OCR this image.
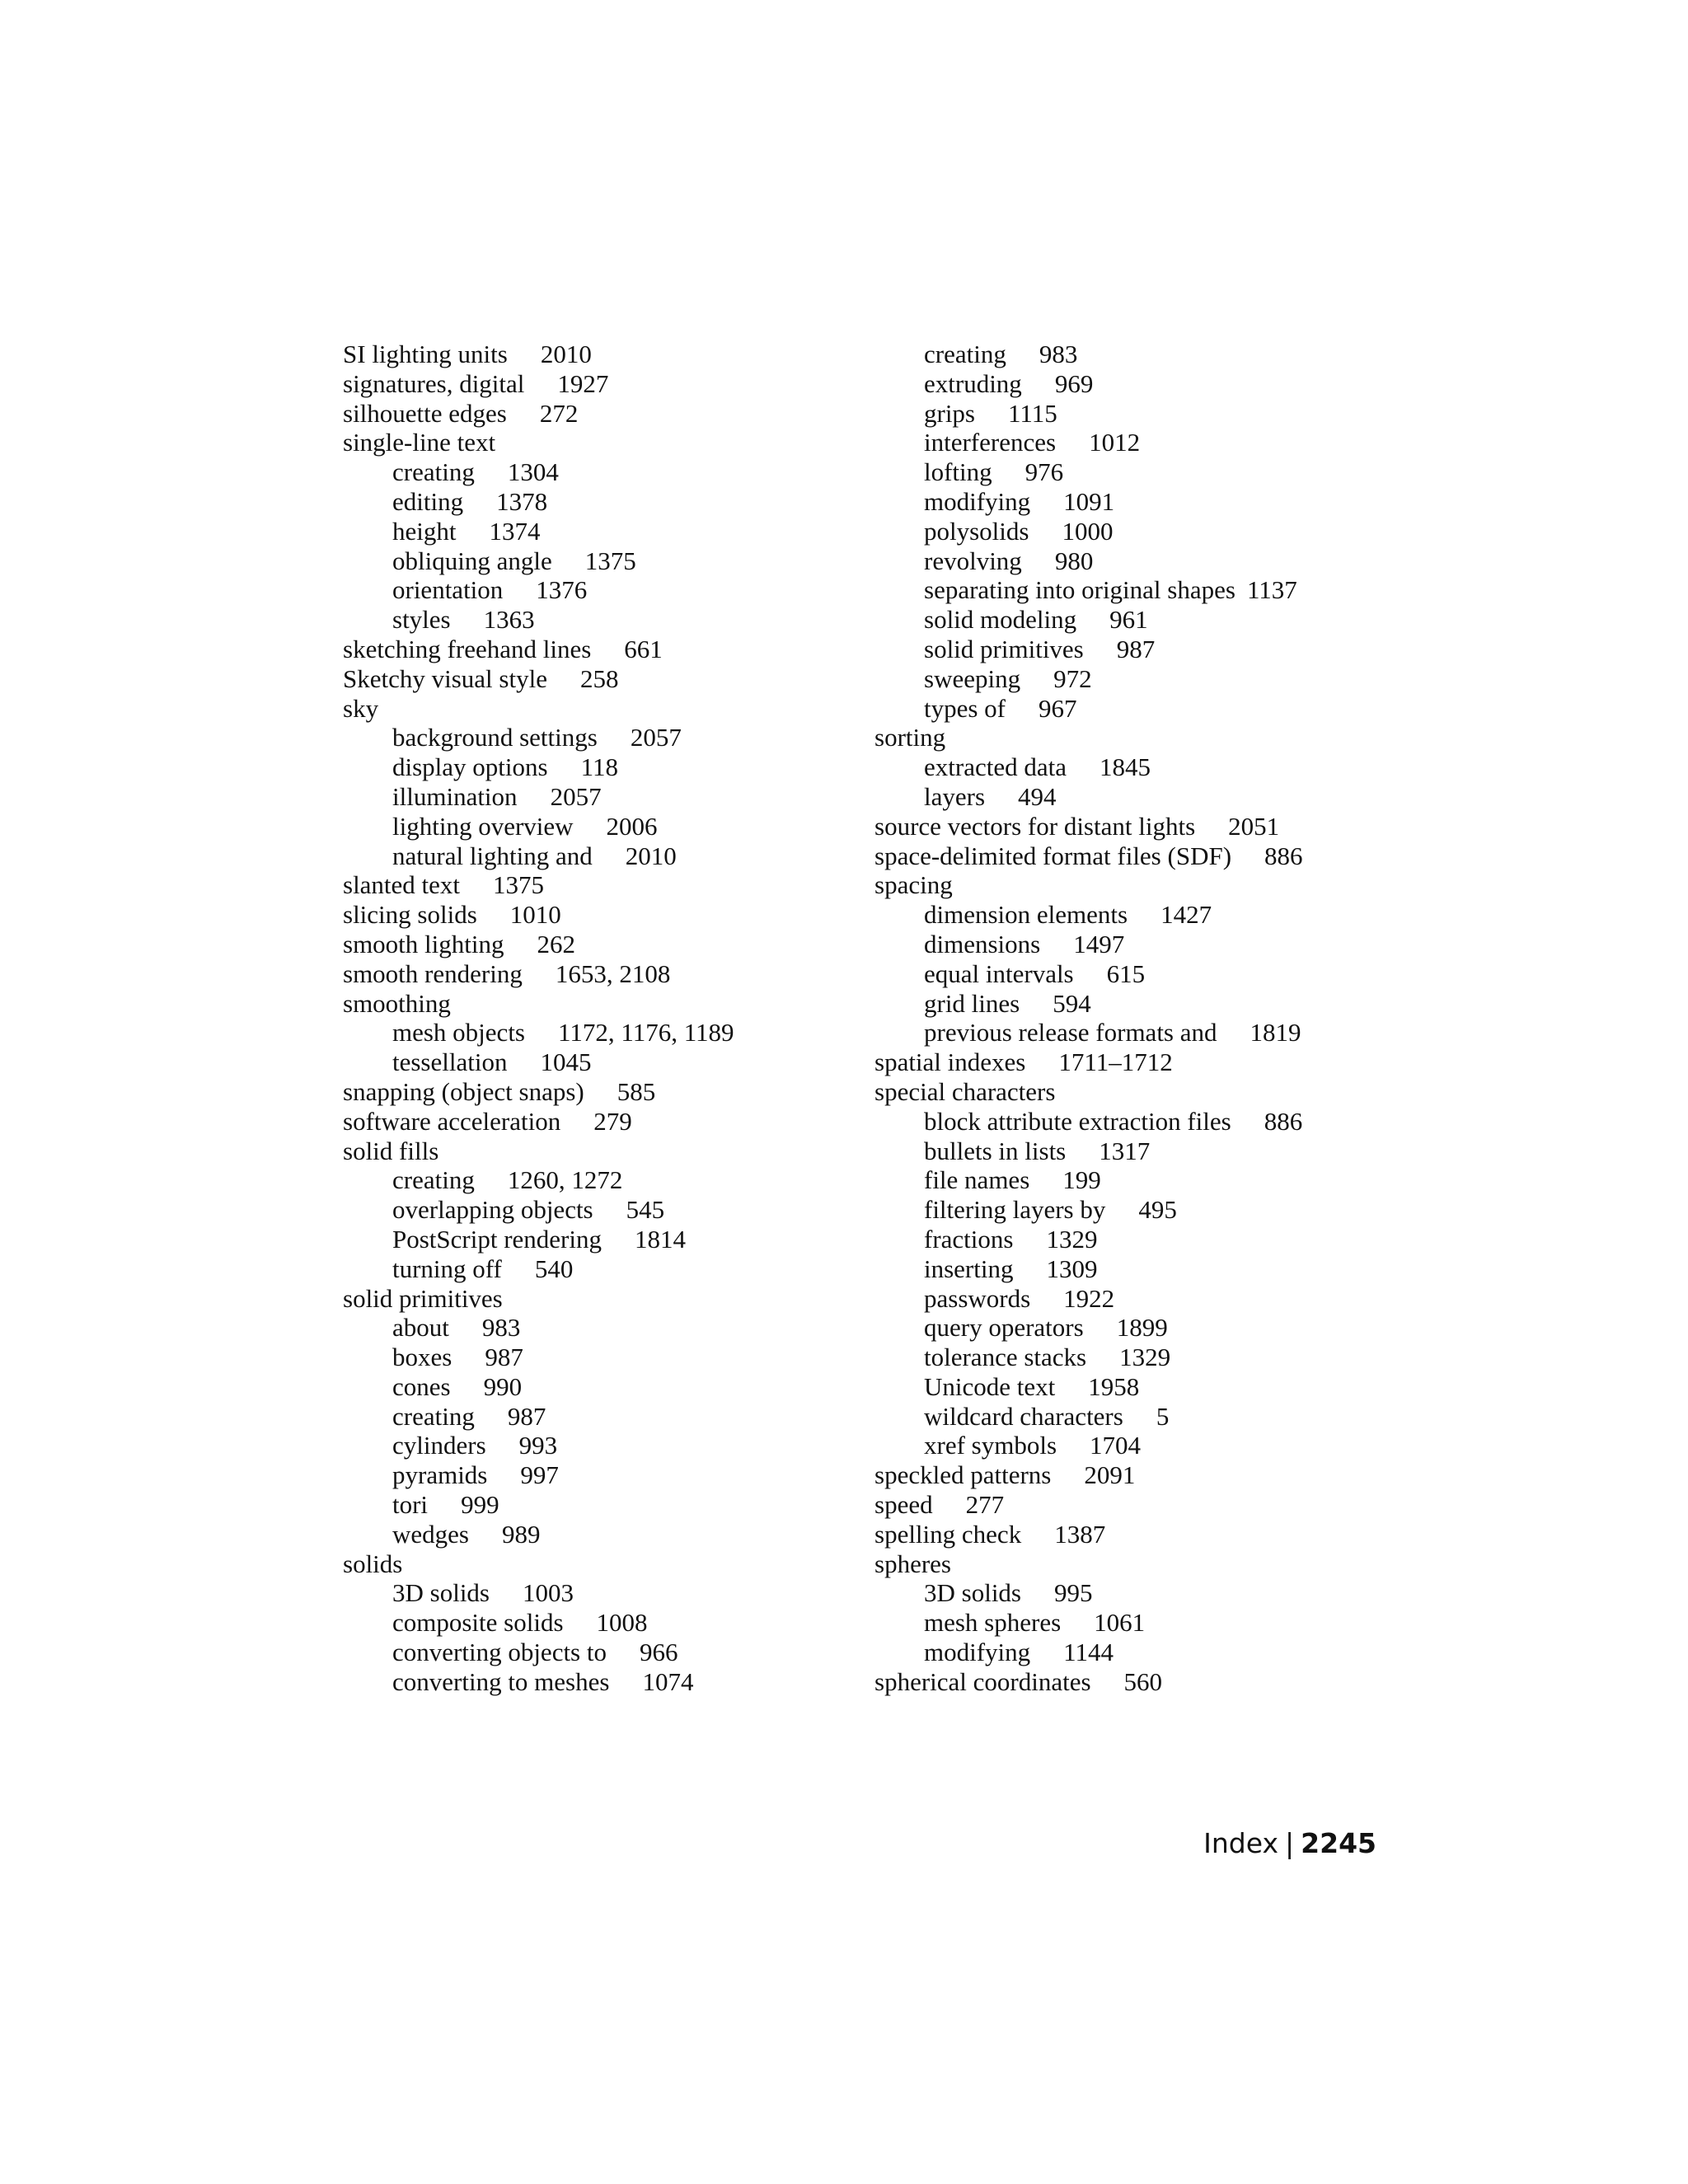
SI lighting units 2010
signatures, digital 1927
silhouette edges 272
single-line text
creating 1304
editing 1378
height 1374
obliquing angle 1375
orientation 1376
styles 1363
sketching freehand lines 661
Sketchy visual style 258
sky
background settings 2057
display options 118
illumination 2057
lighting overview 2006
natural lighting and 2010
slanted text 1375
slicing solids 1010
smooth lighting 262
smooth rendering 1653, 2108
smoothing
mesh objects 1172, 1176, 1189
tessellation 1045
snapping (object snaps) 585
software acceleration 279
solid fills
creating 1260, 1272
overlapping objects 545
PostScript rendering 1814
turning off 540
solid primitives
about 983
boxes 987
cones 990
creating 987
cylinders 993
pyramids 997
tori 999
wedges 989
solids
3D solids 1003
composite solids 1008
converting objects to 966
converting to meshes 1074
creating 983
extruding 969
grips 1115
interferences 1012
lofting 976
modifying 1091
polysolids 1000
revolving 980
separating into original shapes 1137
solid modeling 961
solid primitives 987
sweeping 972
types of 967
sorting
extracted data 1845
layers 494
source vectors for distant lights 2051
space-delimited format files (SDF) 886
spacing
dimension elements 1427
dimensions 1497
equal intervals 615
grid lines 594
previous release formats and 1819
spatial indexes 1711–1712
special characters
block attribute extraction files 886
bullets in lists 1317
file names 199
filtering layers by 495
fractions 1329
inserting 1309
passwords 1922
query operators 1899
tolerance stacks 1329
Unicode text 1958
wildcard characters 5
xref symbols 1704
speckled patterns 2091
speed 277
spelling check 1387
spheres
3D solids 995
mesh spheres 1061
modifying 1144
spherical coordinates 560
Index | 2245
